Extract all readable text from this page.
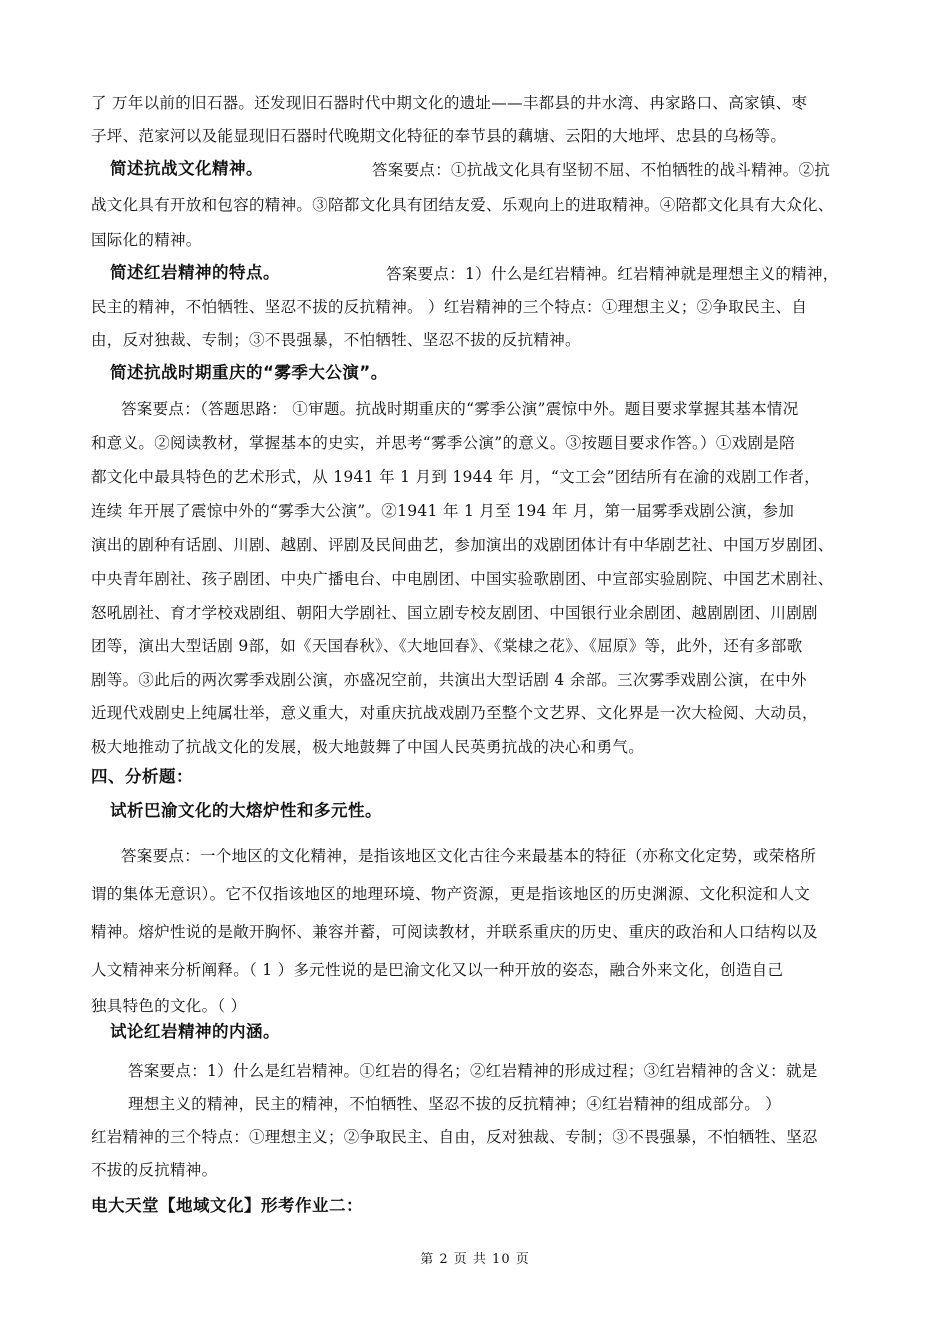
了 万年以前的旧石器。还发现旧石器时代中期文化的遗址——丰都县的井水湾、冉家路口、高家镇、枣
子坪、范家河以及能显现旧石器时代晚期文化特征的奉节县的藕塘、云阳的大地坪、忠县的乌杨等。
简述抗战文化精神。	答案要点：①抗战文化具有坚韧不屈、不怕牺牲的战斗精神。②抗
战文化具有开放和包容的精神。③陪都文化具有团结友爱、乐观向上的进取精神。④陪都文化具有大众化、
国际化的精神。
简述红岩精神的特点。	答案要点：1）什么是红岩精神。红岩精神就是理想主义的精神，
民主的精神，不怕牺牲、坚忍不拔的反抗精神。 ）红岩精神的三个特点：①理想主义；②争取民主、自
由，反对独裁、专制；③不畏强暴，不怕牺牲、坚忍不拔的反抗精神。
简述抗战时期重庆的“雾季大公演”。
答案要点：（答题思路： ①审题。抗战时期重庆的“雾季公演”震惊中外。题目要求掌握其基本情况
和意义。②阅读教材，掌握基本的史实，并思考“雾季公演”的意义。③按题目要求作答。）①戏剧是陪
都文化中最具特色的艺术形式，从 1941 年 1 月到 1944 年 月，“文工会”团结所有在渝的戏剧工作者，
连续 年开展了震惊中外的“雾季大公演”。②1941 年 1 月至 194 年 月，第一届雾季戏剧公演，参加
演出的剧种有话剧、川剧、越剧、评剧及民间曲艺，参加演出的戏剧团体计有中华剧艺社、中国万岁剧团、
中央青年剧社、孩子剧团、中央广播电台、中电剧团、中国实验歌剧团、中宣部实验剧院、中国艺术剧社、
怒吼剧社、育才学校戏剧组、朝阳大学剧社、国立剧专校友剧团、中国银行业余剧团、越剧剧团、川剧剧
团等，演出大型话剧 9部，如《天国春秋》、《大地回春》、《棠棣之花》、《屈原》等，此外，还有多部歌
剧等。③此后的两次雾季戏剧公演，亦盛况空前，共演出大型话剧 4 余部。三次雾季戏剧公演，在中外
近现代戏剧史上纯属壮举，意义重大，对重庆抗战戏剧乃至整个文艺界、文化界是一次大检阅、大动员，
极大地推动了抗战文化的发展，极大地鼓舞了中国人民英勇抗战的决心和勇气。
四、分析题：
试析巴渝文化的大熔炉性和多元性。
答案要点：一个地区的文化精神，是指该地区文化古往今来最基本的特征（亦称文化定势，或荣格所
谓的集体无意识）。它不仅指该地区的地理环境、物产资源，更是指该地区的历史渊源、文化积淀和人文
精神。熔炉性说的是敞开胸怀、兼容并蓄，可阅读教材，并联系重庆的历史、重庆的政治和人口结构以及
人文精神来分析阐释。（ 1 ）多元性说的是巴渝文化又以一种开放的姿态，融合外来文化，创造自己
独具特色的文化。（ ）
试论红岩精神的内涵。
答案要点：1）什么是红岩精神。①红岩的得名；②红岩精神的形成过程；③红岩精神的含义：就是
理想主义的精神，民主的精神，不怕牺牲、坚忍不拔的反抗精神；④红岩精神的组成部分。 ）
红岩精神的三个特点：①理想主义；②争取民主、自由，反对独裁、专制；③不畏强暴，不怕牺牲、坚忍
不拔的反抗精神。
电大天堂【地域文化】形考作业二：
第 2 页 共 10 页
